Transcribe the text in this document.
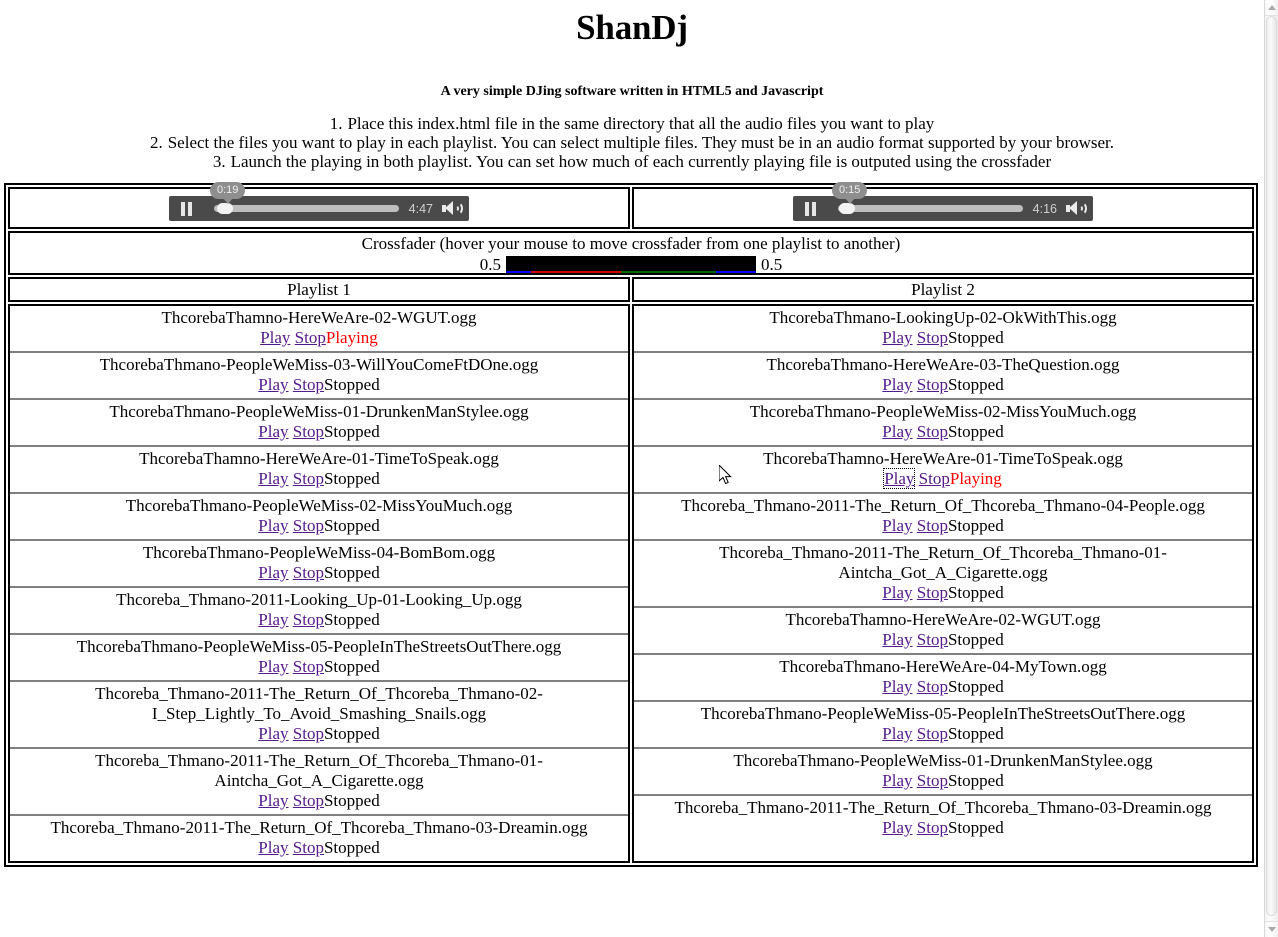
ShanDj
A very simple DJing software written in HTML5 and Javascript
1. Place this index.html file in the same directory that all the audio files you want to play
2. Select the files you want to play in each playlist. You can select multiple files. They must be in an audio format supported by your browser.
3. Launch the playing in both playlist. You can set how much of each currently playing file is outputed using the crossfader
0:19
4:47

0:15
4:16

Crossfader (hover your mouse to move crossfader from one playlist to another)
0.5	0.5

Playlist 1	Playlist 2

ThcorebaThamno-HereWeAre-02-WGUT.ogg
Play StopPlaying

ThcorebaThmano-PeopleWeMiss-03-WillYouComeFtDOne.ogg
Play StopStopped

ThcorebaThmano-PeopleWeMiss-01-DrunkenManStylee.ogg
Play StopStopped

ThcorebaThamno-HereWeAre-01-TimeToSpeak.ogg
Play StopStopped

ThcorebaThmano-PeopleWeMiss-02-MissYouMuch.ogg
Play StopStopped

ThcorebaThmano-PeopleWeMiss-04-BomBom.ogg
Play StopStopped

Thcoreba_Thmano-2011-Looking_Up-01-Looking_Up.ogg
Play StopStopped

ThcorebaThmano-PeopleWeMiss-05-PeopleInTheStreetsOutThere.ogg
Play StopStopped

Thcoreba_Thmano-2011-The_Return_Of_Thcoreba_Thmano-02-I_Step_Lightly_To_Avoid_Smashing_Snails.ogg
Play StopStopped

Thcoreba_Thmano-2011-The_Return_Of_Thcoreba_Thmano-01-Aintcha_Got_A_Cigarette.ogg
Play StopStopped

Thcoreba_Thmano-2011-The_Return_Of_Thcoreba_Thmano-03-Dreamin.ogg
Play StopStopped

ThcorebaThmano-LookingUp-02-OkWithThis.ogg
Play StopStopped

ThcorebaThmano-HereWeAre-03-TheQuestion.ogg
Play StopStopped

ThcorebaThmano-PeopleWeMiss-02-MissYouMuch.ogg
Play StopStopped

ThcorebaThamno-HereWeAre-01-TimeToSpeak.ogg
Play StopPlaying

Thcoreba_Thmano-2011-The_Return_Of_Thcoreba_Thmano-04-People.ogg
Play StopStopped

Thcoreba_Thmano-2011-The_Return_Of_Thcoreba_Thmano-01-Aintcha_Got_A_Cigarette.ogg
Play StopStopped

ThcorebaThamno-HereWeAre-02-WGUT.ogg
Play StopStopped

ThcorebaThmano-HereWeAre-04-MyTown.ogg
Play StopStopped

ThcorebaThmano-PeopleWeMiss-05-PeopleInTheStreetsOutThere.ogg
Play StopStopped

ThcorebaThmano-PeopleWeMiss-01-DrunkenManStylee.ogg
Play StopStopped

Thcoreba_Thmano-2011-The_Return_Of_Thcoreba_Thmano-03-Dreamin.ogg
Play StopStopped
